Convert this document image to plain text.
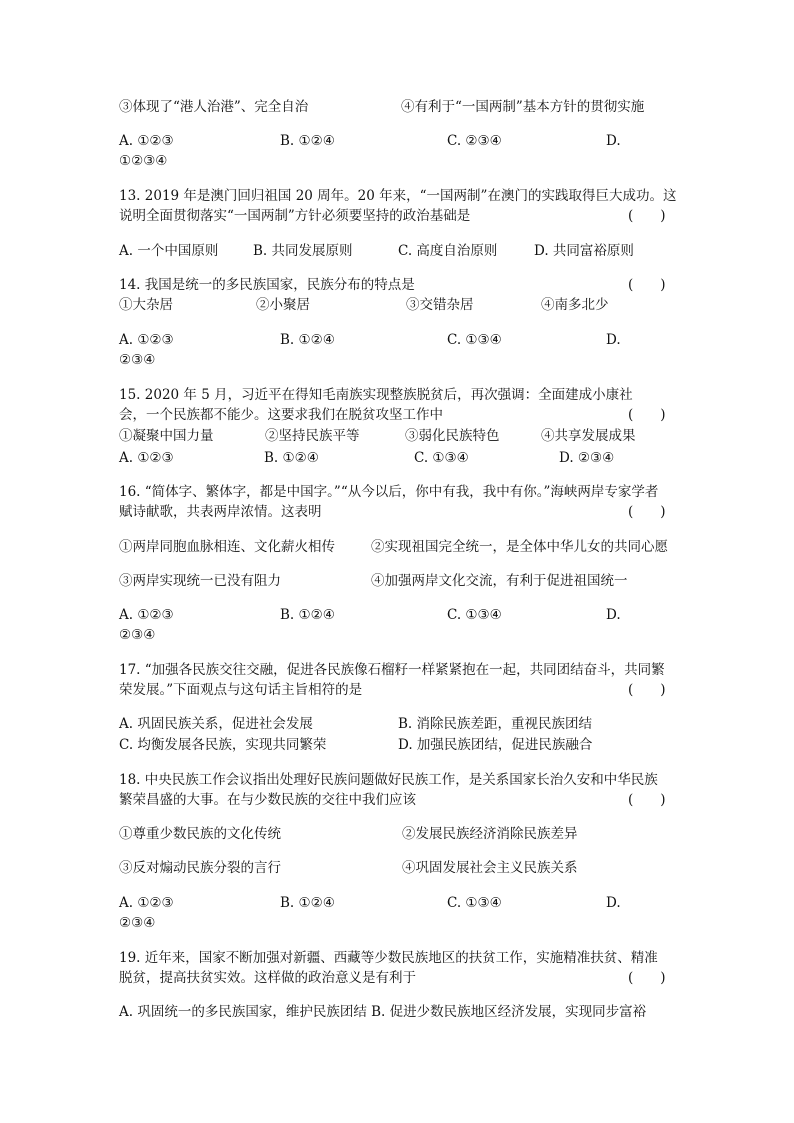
③体现了“港人治港”、完全自治	④有利于“一国两制”基本方针的贯彻实施
A. ①②③	B. ①②④	C. ②③④	D.
①②③④
13. 2019 年是澳门回归祖国 20 周年。20 年来，“一国两制”在澳门的实践取得巨大成功。这
说明全面贯彻落实“一国两制”方针必须要坚持的政治基础是	(　　)
A. 一个中国原则	B. 共同发展原则	C. 高度自治原则	D. 共同富裕原则
14. 我国是统一的多民族国家，民族分布的特点是	(　　)
①大杂居	②小聚居	③交错杂居	④南多北少
A. ①②③	B. ①②④	C. ①③④	D.
②③④
15. 2020 年 5 月，习近平在得知毛南族实现整族脱贫后，再次强调：全面建成小康社
会，一个民族都不能少。这要求我们在脱贫攻坚工作中	(　　)
①凝聚中国力量	②坚持民族平等	③弱化民族特色	④共享发展成果
A. ①②③	B. ①②④	C. ①③④	D. ②③④
16. “简体字、繁体字，都是中国字。”“从今以后，你中有我，我中有你。”海峡两岸专家学者
赋诗献歌，共表两岸浓情。这表明	(　　)
①两岸同胞血脉相连、文化薪火相传	②实现祖国完全统一，是全体中华儿女的共同心愿
③两岸实现统一已没有阻力	④加强两岸文化交流，有利于促进祖国统一
A. ①②③	B. ①②④	C. ①③④	D.
②③④
17. “加强各民族交往交融，促进各民族像石榴籽一样紧紧抱在一起，共同团结奋斗，共同繁
荣发展。”下面观点与这句话主旨相符的是	(　　)
A. 巩固民族关系，促进社会发展	B. 消除民族差距，重视民族团结
C. 均衡发展各民族，实现共同繁荣	D. 加强民族团结，促进民族融合
18. 中央民族工作会议指出处理好民族问题做好民族工作，是关系国家长治久安和中华民族
繁荣昌盛的大事。在与少数民族的交往中我们应该	(　　)
①尊重少数民族的文化传统	②发展民族经济消除民族差异
③反对煽动民族分裂的言行	④巩固发展社会主义民族关系
A. ①②③	B. ①②④	C. ①③④	D.
②③④
19. 近年来，国家不断加强对新疆、西藏等少数民族地区的扶贫工作，实施精准扶贫、精准
脱贫，提高扶贫实效。这样做的政治意义是有利于	(　　)
A. 巩固统一的多民族国家，维护民族团结 B. 促进少数民族地区经济发展，实现同步富裕
